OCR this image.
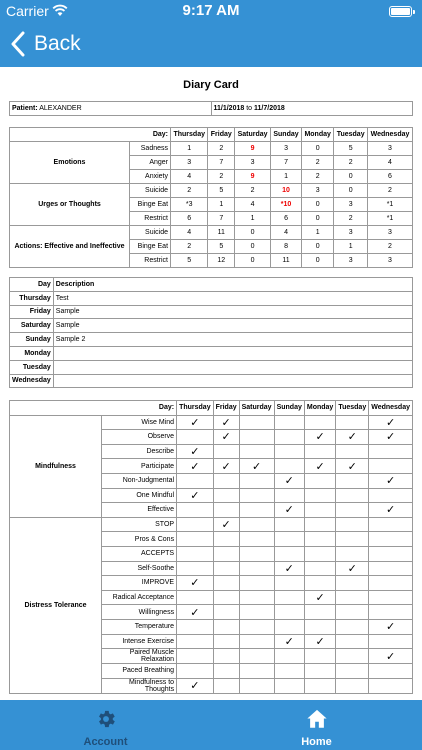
Carrier	9:17 AM
Back
Diary Card
Patient: ALEXANDER	11/1/2018 to 11/7/2018
Day:		Thursday	Friday	Saturday	Sunday	Monday	Tuesday	Wednesday
Emotions	Sadness	1	2	9	3	0	5	3
	Anger	3	7	3	7	2	2	4
	Anxiety	4	2	9	1	2	0	6
Urges or Thoughts	Suicide	2	5	2	10	3	0	2
	Binge Eat	*3	1	4	*10	0	3	*1
	Restrict	6	7	1	6	0	2	*1
Actions: Effective and Ineffective	Suicide	4	11	0	4	1	3	3
	Binge Eat	2	5	0	8	0	1	2
	Restrict	5	12	0	11	0	3	3
Day	Description
Thursday	Test
Friday	Sample
Saturday	Sample
Sunday	Sample 2
Monday	
Tuesday	
Wednesday	
Day:		Thursday	Friday	Saturday	Sunday	Monday	Tuesday	Wednesday
Mindfulness	Wise Mind	✓	✓					✓
	Observe		✓			✓	✓	✓
	Describe	✓						
	Participate	✓	✓	✓		✓	✓	
	Non-Judgmental				✓			✓
	One Mindful	✓						
	Effective				✓			✓
Distress Tolerance	STOP		✓					
	Pros & Cons							
	ACCEPTS							
	Self-Soothe				✓		✓	
	IMPROVE	✓						
	Radical Acceptance					✓		
	Willingness	✓						
	Temperature							✓
	Intense Exercise				✓	✓		
	Paired Muscle Relaxation							✓
	Paced Breathing							
	Mindfulness to Thoughts	✓						
Account	Home
